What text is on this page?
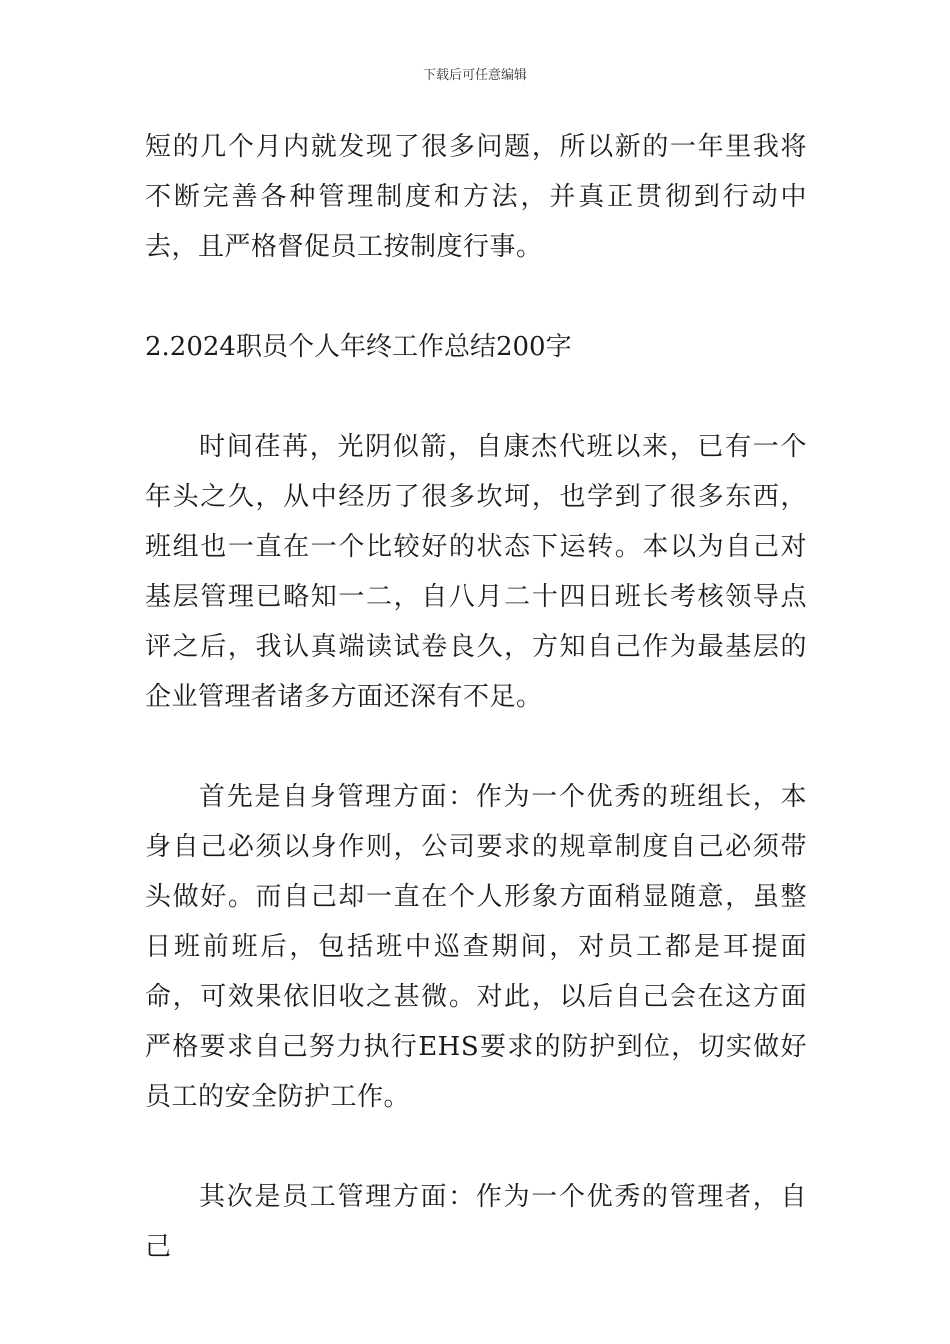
下载后可任意编辑

短的几个月内就发现了很多问题，所以新的一年里我将不断完善各种管理制度和方法，并真正贯彻到行动中去，且严格督促员工按制度行事。

2.2024职员个人年终工作总结200字

时间荏苒，光阴似箭，自康杰代班以来，已有一个年头之久，从中经历了很多坎坷，也学到了很多东西，班组也一直在一个比较好的状态下运转。本以为自己对基层管理已略知一二，自八月二十四日班长考核领导点评之后，我认真端读试卷良久，方知自己作为最基层的企业管理者诸多方面还深有不足。

首先是自身管理方面：作为一个优秀的班组长，本身自己必须以身作则，公司要求的规章制度自己必须带头做好。而自己却一直在个人形象方面稍显随意，虽整日班前班后，包括班中巡查期间，对员工都是耳提面命，可效果依旧收之甚微。对此，以后自己会在这方面严格要求自己努力执行EHS要求的防护到位，切实做好员工的安全防护工作。

其次是员工管理方面：作为一个优秀的管理者，自己
